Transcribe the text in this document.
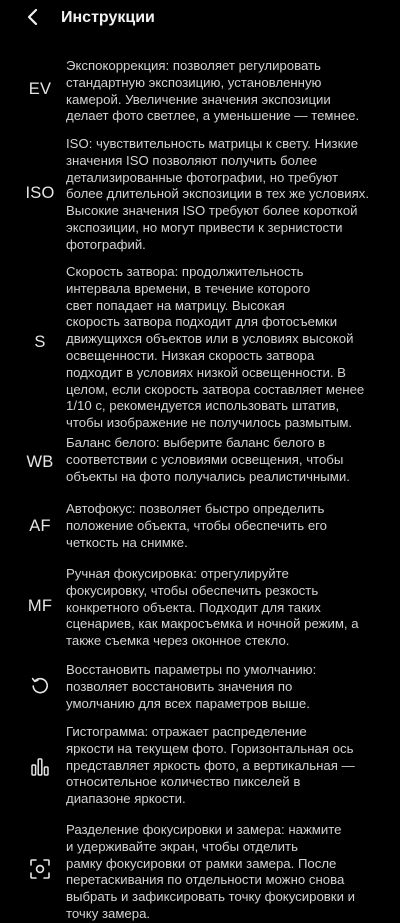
Инструкции
EV
Экспокоррекция: позволяет регулировать
стандартную экспозицию, установленную
камерой. Увеличение значения экспозиции
делает фото светлее, а уменьшение — темнее.
ISO
ISO: чувствительность матрицы к свету. Низкие
значения ISO позволяют получить более
детализированные фотографии, но требуют
более длительной экспозиции в тех же условиях.
Высокие значения ISO требуют более короткой
экспозиции, но могут привести к зернистости
фотографий.
S
Скорость затвора: продолжительность
интервала времени, в течение которого
свет попадает на матрицу. Высокая
скорость затвора подходит для фотосъемки
движущихся объектов или в условиях высокой
освещенности. Низкая скорость затвора
подходит в условиях низкой освещенности. В
целом, если скорость затвора составляет менее
1/10 с, рекомендуется использовать штатив,
чтобы изображение не получилось размытым.
WB
Баланс белого: выберите баланс белого в
соответствии с условиями освещения, чтобы
объекты на фото получались реалистичными.
AF
Автофокус: позволяет быстро определить
положение объекта, чтобы обеспечить его
четкость на снимке.
MF
Ручная фокусировка: отрегулируйте
фокусировку, чтобы обеспечить резкость
конкретного объекта. Подходит для таких
сценариев, как макросъемка и ночной режим, а
также съемка через оконное стекло.
Восстановить параметры по умолчанию:
позволяет восстановить значения по
умолчанию для всех параметров выше.
Гистограмма: отражает распределение
яркости на текущем фото. Горизонтальная ось
представляет яркость фото, а вертикальная —
относительное количество пикселей в
диапазоне яркости.
Разделение фокусировки и замера: нажмите
и удерживайте экран, чтобы отделить
рамку фокусировки от рамки замера. После
перетаскивания по отдельности можно снова
выбрать и зафиксировать точку фокусировки и
точку замера.
